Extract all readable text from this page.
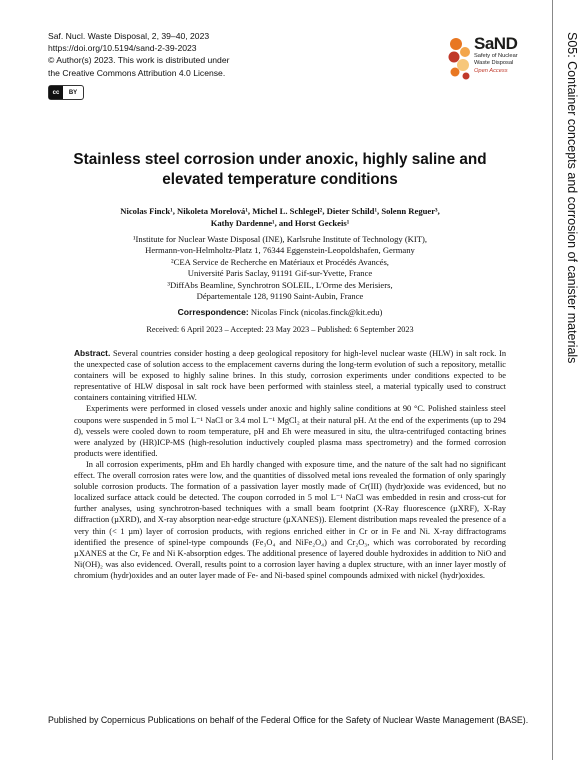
Saf. Nucl. Waste Disposal, 2, 39–40, 2023
https://doi.org/10.5194/sand-2-39-2023
© Author(s) 2023. This work is distributed under
the Creative Commons Attribution 4.0 License.
cc	BY
SaND
Safety of Nuclear
Waste Disposal
Open Access	S05: Container concepts and corrosion of canister materials
Stainless steel corrosion under anoxic, highly saline and elevated temperature conditions
Nicolas Finck¹, Nikoleta Morelová¹, Michel L. Schlegel², Dieter Schild¹, Solenn Reguer³,
Kathy Dardenne¹, and Horst Geckeis¹
¹Institute for Nuclear Waste Disposal (INE), Karlsruhe Institute of Technology (KIT),
Hermann-von-Helmholtz-Platz 1, 76344 Eggenstein-Leopoldshafen, Germany
²CEA Service de Recherche en Matériaux et Procédés Avancés,
Université Paris Saclay, 91191 Gif-sur-Yvette, France
³DiffAbs Beamline, Synchrotron SOLEIL, L'Orme des Merisiers,
Départementale 128, 91190 Saint-Aubin, France
Correspondence: Nicolas Finck (nicolas.finck@kit.edu)
Received: 6 April 2023 – Accepted: 23 May 2023 – Published: 6 September 2023

Abstract. Several countries consider hosting a deep geological repository for high-level nuclear waste (HLW) in salt rock. In the unexpected case of solution access to the emplacement caverns during the long-term evolution of such a repository, metallic containers will be exposed to highly saline brines. In this study, corrosion experiments under conditions expected to be representative of HLW disposal in salt rock have been performed with stainless steel, a material typically used to construct containers containing vitrified HLW.

Experiments were performed in closed vessels under anoxic and highly saline conditions at 90 °C. Polished stainless steel coupons were suspended in 5 mol L⁻¹ NaCl or 3.4 mol L⁻¹ MgCl₂ at their natural pH. At the end of the experiments (up to 294 d), vessels were cooled down to room temperature, pH and Eh were measured in situ, the ultra-centrifuged contacting brines were analyzed by (HR)ICP-MS (high-resolution inductively coupled plasma mass spectrometry) and the formed corrosion products were identified.

In all corrosion experiments, pHm and Eh hardly changed with exposure time, and the nature of the salt had no significant effect. The overall corrosion rates were low, and the quantities of dissolved metal ions revealed the formation of only sparingly soluble corrosion products. The formation of a passivation layer mostly made of Cr(III) (hydr)oxide was evidenced, but no localized surface attack could be detected. The coupon corroded in 5 mol L⁻¹ NaCl was embedded in resin and cross-cut for further analyses, using synchrotron-based techniques with a small beam footprint (X-Ray fluorescence (µXRF), X-Ray diffraction (µXRD), and X-ray absorption near-edge structure (µXANES)). Element distribution maps revealed the presence of a very thin (< 1 µm) layer of corrosion products, with regions enriched either in Cr or in Fe and Ni. X-ray diffractograms identified the presence of spinel-type compounds (Fe₃O₄ and NiFe₂O₄) and Cr₂O₃, which was corroborated by recording µXANES at the Cr, Fe and Ni K-absorption edges. The additional presence of layered double hydroxides in addition to NiO and Ni(OH)₂ was also evidenced. Overall, results point to a corrosion layer having a duplex structure, with an inner layer mostly of chromium (hydr)oxides and an outer layer made of Fe- and Ni-based spinel compounds admixed with nickel (hydr)oxides.

Published by Copernicus Publications on behalf of the Federal Office for the Safety of Nuclear Waste Management (BASE).
